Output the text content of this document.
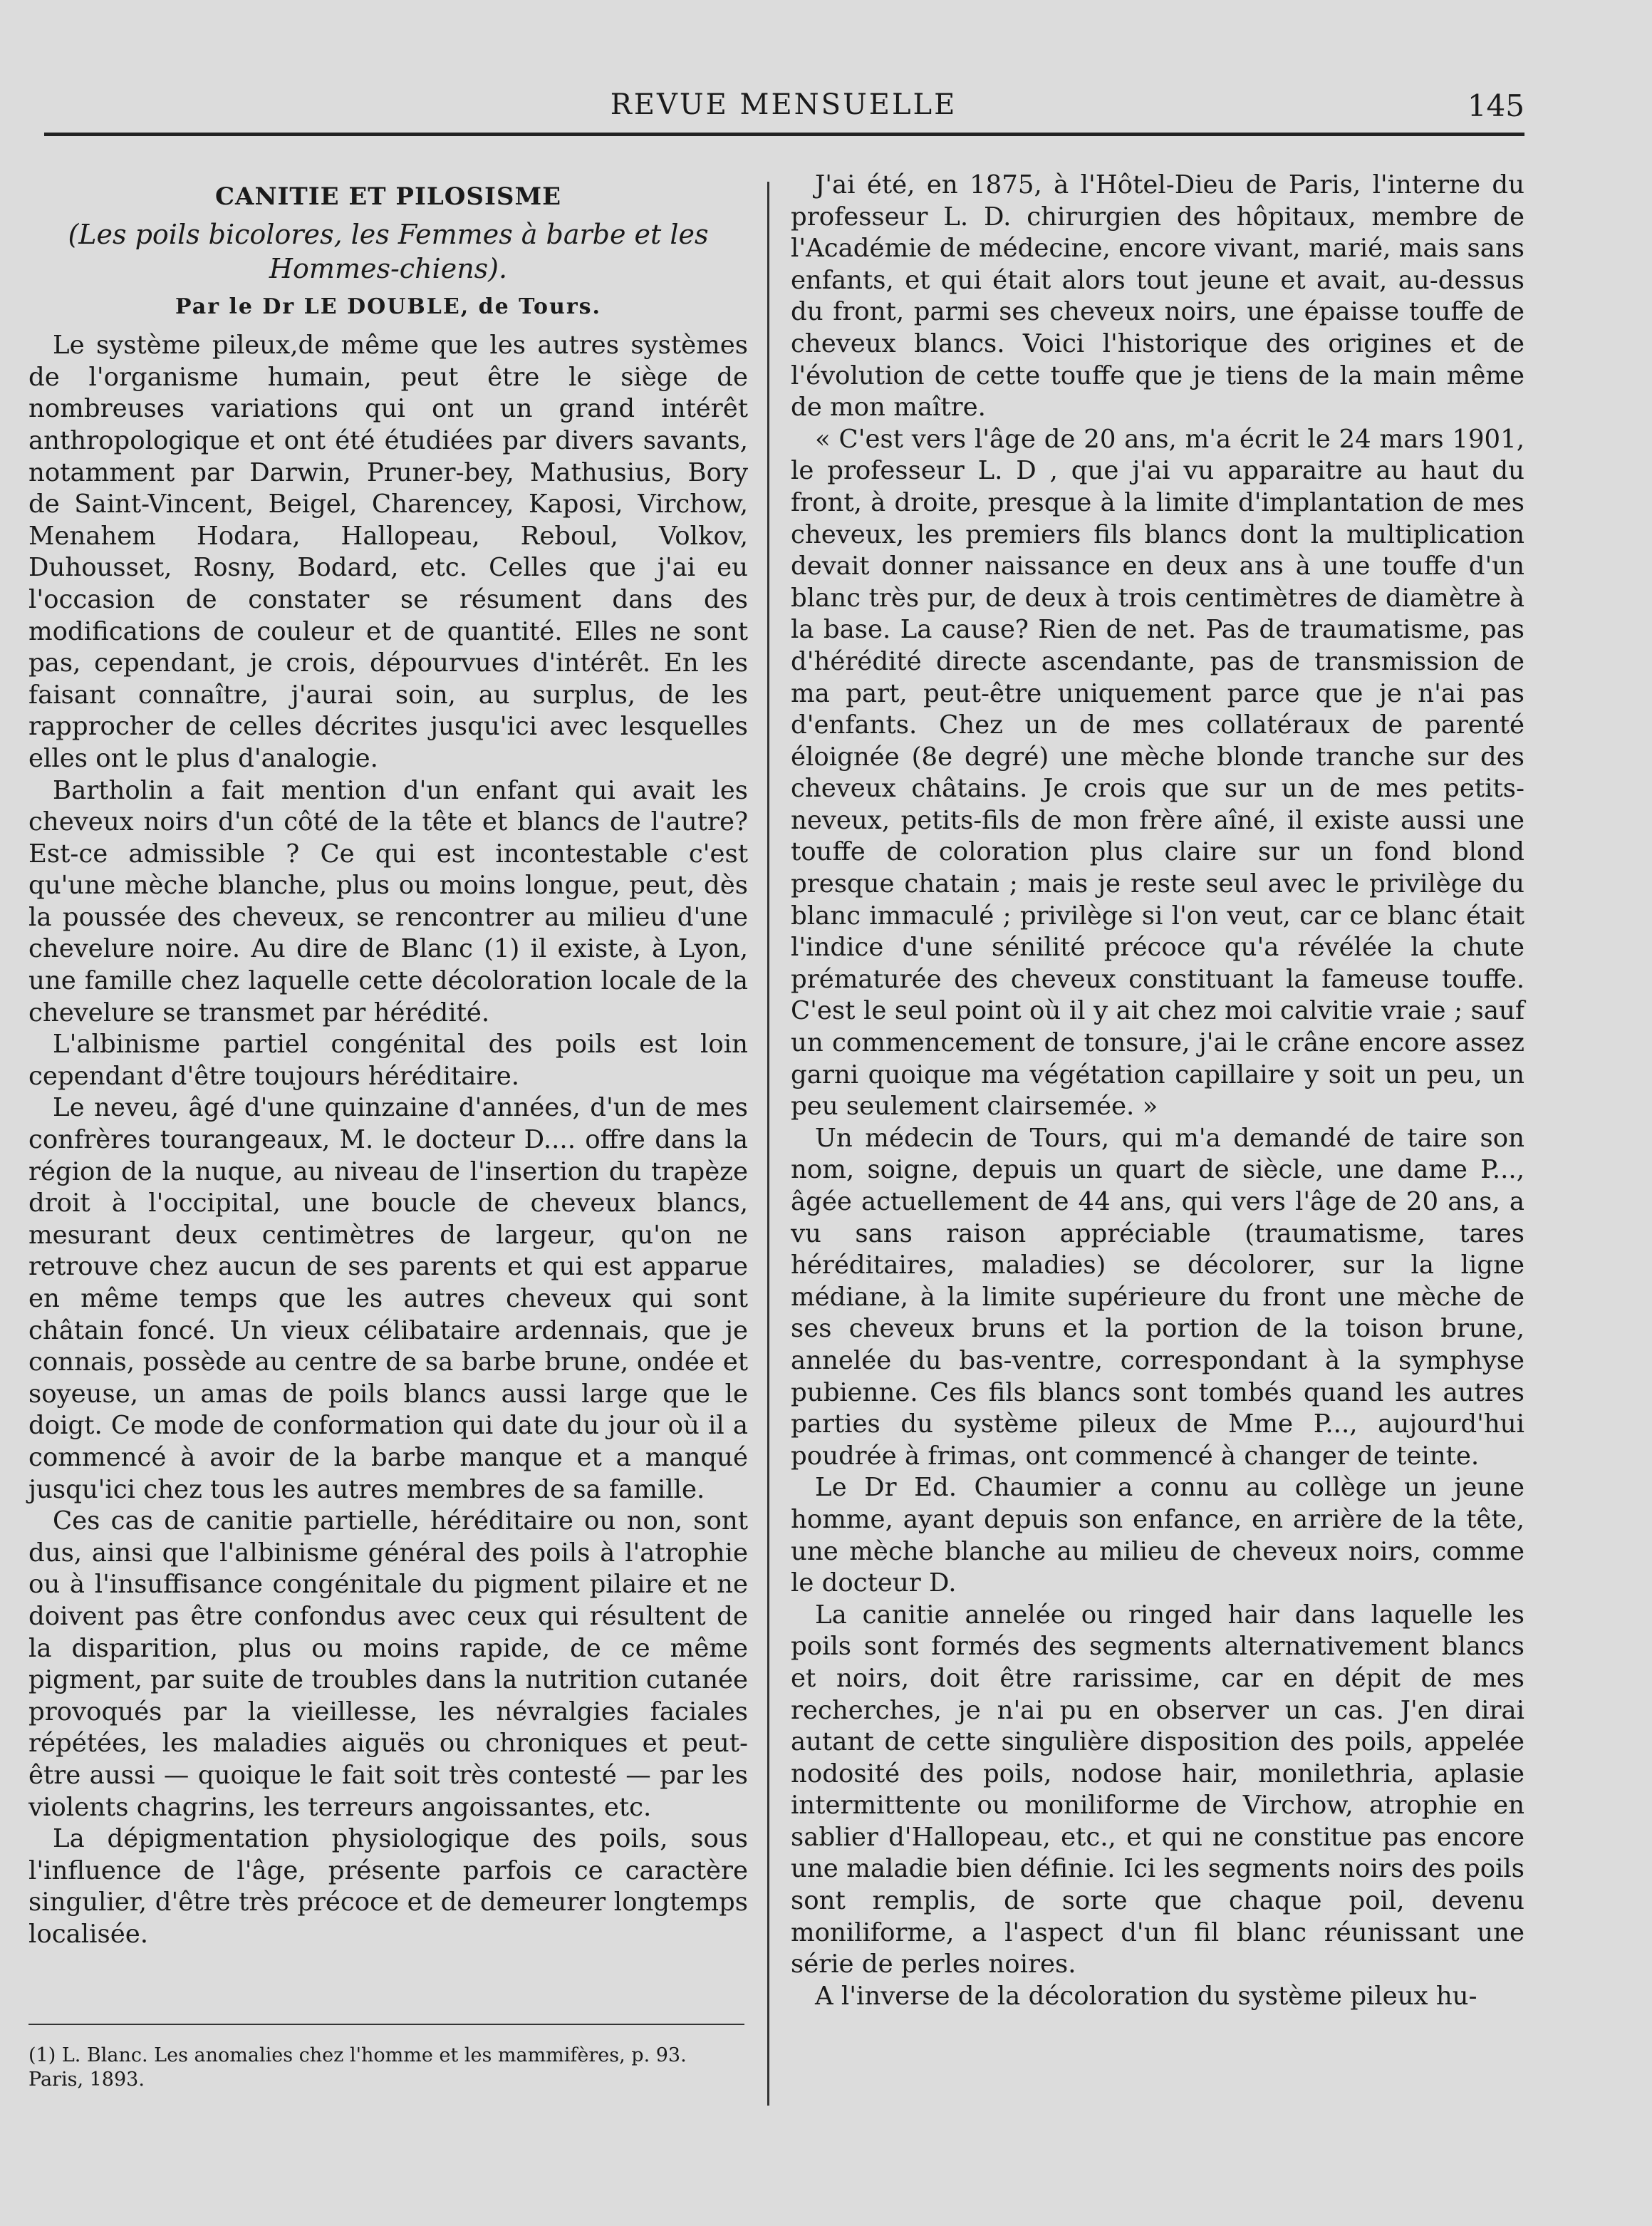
REVUE MENSUELLE	145
CANITIE ET PILOSISME
(Les poils bicolores, les Femmes à barbe et les Hommes-chiens).
Par le Dr LE DOUBLE, de Tours.

Le système pileux,de même que les autres systèmes de l'organisme humain, peut être le siège de nombreuses variations qui ont un grand intérêt anthropologique et ont été étudiées par divers savants, notamment par Darwin, Pruner-bey, Mathusius, Bory de Saint-Vincent, Beigel, Charencey, Kaposi, Virchow, Menahem Hodara, Hallopeau, Reboul, Volkov, Duhousset, Rosny, Bodard, etc. Celles que j'ai eu l'occasion de constater se résument dans des modifications de couleur et de quantité. Elles ne sont pas, cependant, je crois, dépourvues d'intérêt. En les faisant connaître, j'aurai soin, au surplus, de les rapprocher de celles décrites jusqu'ici avec lesquelles elles ont le plus d'analogie.

Bartholin a fait mention d'un enfant qui avait les cheveux noirs d'un côté de la tête et blancs de l'autre? Est-ce admissible ? Ce qui est incontestable c'est qu'une mèche blanche, plus ou moins longue, peut, dès la poussée des cheveux, se rencontrer au milieu d'une chevelure noire. Au dire de Blanc (1) il existe, à Lyon, une famille chez laquelle cette décoloration locale de la chevelure se transmet par hérédité.

L'albinisme partiel congénital des poils est loin cependant d'être toujours héréditaire.

Le neveu, âgé d'une quinzaine d'années, d'un de mes confrères tourangeaux, M. le docteur D.... offre dans la région de la nuque, au niveau de l'insertion du trapèze droit à l'occipital, une boucle de cheveux blancs, mesurant deux centimètres de largeur, qu'on ne retrouve chez aucun de ses parents et qui est apparue en même temps que les autres cheveux qui sont châtain foncé. Un vieux célibataire ardennais, que je connais, possède au centre de sa barbe brune, ondée et soyeuse, un amas de poils blancs aussi large que le doigt. Ce mode de conformation qui date du jour où il a commencé à avoir de la barbe manque et a manqué jusqu'ici chez tous les autres membres de sa famille.

Ces cas de canitie partielle, héréditaire ou non, sont dus, ainsi que l'albinisme général des poils à l'atrophie ou à l'insuffisance congénitale du pigment pilaire et ne doivent pas être confondus avec ceux qui résultent de la disparition, plus ou moins rapide, de ce même pigment, par suite de troubles dans la nutrition cutanée provoqués par la vieillesse, les névralgies faciales répétées, les maladies aiguës ou chroniques et peut-être aussi — quoique le fait soit très contesté — par les violents chagrins, les terreurs angoissantes, etc.

La dépigmentation physiologique des poils, sous l'influence de l'âge, présente parfois ce caractère singulier, d'être très précoce et de demeurer longtemps localisée.

(1) L. Blanc. Les anomalies chez l'homme et les mammifères, p. 93. Paris, 1893.

J'ai été, en 1875, à l'Hôtel-Dieu de Paris, l'interne du professeur L. D. chirurgien des hôpitaux, membre de l'Académie de médecine, encore vivant, marié, mais sans enfants, et qui était alors tout jeune et avait, au-dessus du front, parmi ses cheveux noirs, une épaisse touffe de cheveux blancs. Voici l'historique des origines et de l'évolution de cette touffe que je tiens de la main même de mon maître.

« C'est vers l'âge de 20 ans, m'a écrit le 24 mars 1901, le professeur L. D , que j'ai vu apparaitre au haut du front, à droite, presque à la limite d'implantation de mes cheveux, les premiers fils blancs dont la multiplication devait donner naissance en deux ans à une touffe d'un blanc très pur, de deux à trois centimètres de diamètre à la base. La cause? Rien de net. Pas de traumatisme, pas d'hérédité directe ascendante, pas de transmission de ma part, peut-être uniquement parce que je n'ai pas d'enfants. Chez un de mes collatéraux de parenté éloignée (8e degré) une mèche blonde tranche sur des cheveux châtains. Je crois que sur un de mes petits-neveux, petits-fils de mon frère aîné, il existe aussi une touffe de coloration plus claire sur un fond blond presque chatain ; mais je reste seul avec le privilège du blanc immaculé ; privilège si l'on veut, car ce blanc était l'indice d'une sénilité précoce qu'a révélée la chute prématurée des cheveux constituant la fameuse touffe. C'est le seul point où il y ait chez moi calvitie vraie ; sauf un commencement de tonsure, j'ai le crâne encore assez garni quoique ma végétation capillaire y soit un peu, un peu seulement clairsemée. »

Un médecin de Tours, qui m'a demandé de taire son nom, soigne, depuis un quart de siècle, une dame P..., âgée actuellement de 44 ans, qui vers l'âge de 20 ans, a vu sans raison appréciable (traumatisme, tares héréditaires, maladies) se décolorer, sur la ligne médiane, à la limite supérieure du front une mèche de ses cheveux bruns et la portion de la toison brune, annelée du bas-ventre, correspondant à la symphyse pubienne. Ces fils blancs sont tombés quand les autres parties du système pileux de Mme P..., aujourd'hui poudrée à frimas, ont commencé à changer de teinte.

Le Dr Ed. Chaumier a connu au collège un jeune homme, ayant depuis son enfance, en arrière de la tête, une mèche blanche au milieu de cheveux noirs, comme le docteur D.

La canitie annelée ou ringed hair dans laquelle les poils sont formés des segments alternativement blancs et noirs, doit être rarissime, car en dépit de mes recherches, je n'ai pu en observer un cas. J'en dirai autant de cette singulière disposition des poils, appelée nodosité des poils, nodose hair, monilethria, aplasie intermittente ou moniliforme de Virchow, atrophie en sablier d'Hallopeau, etc., et qui ne constitue pas encore une maladie bien définie. Ici les segments noirs des poils sont remplis, de sorte que chaque poil, devenu moniliforme, a l'aspect d'un fil blanc réunissant une série de perles noires.

A l'inverse de la décoloration du système pileux hu-
